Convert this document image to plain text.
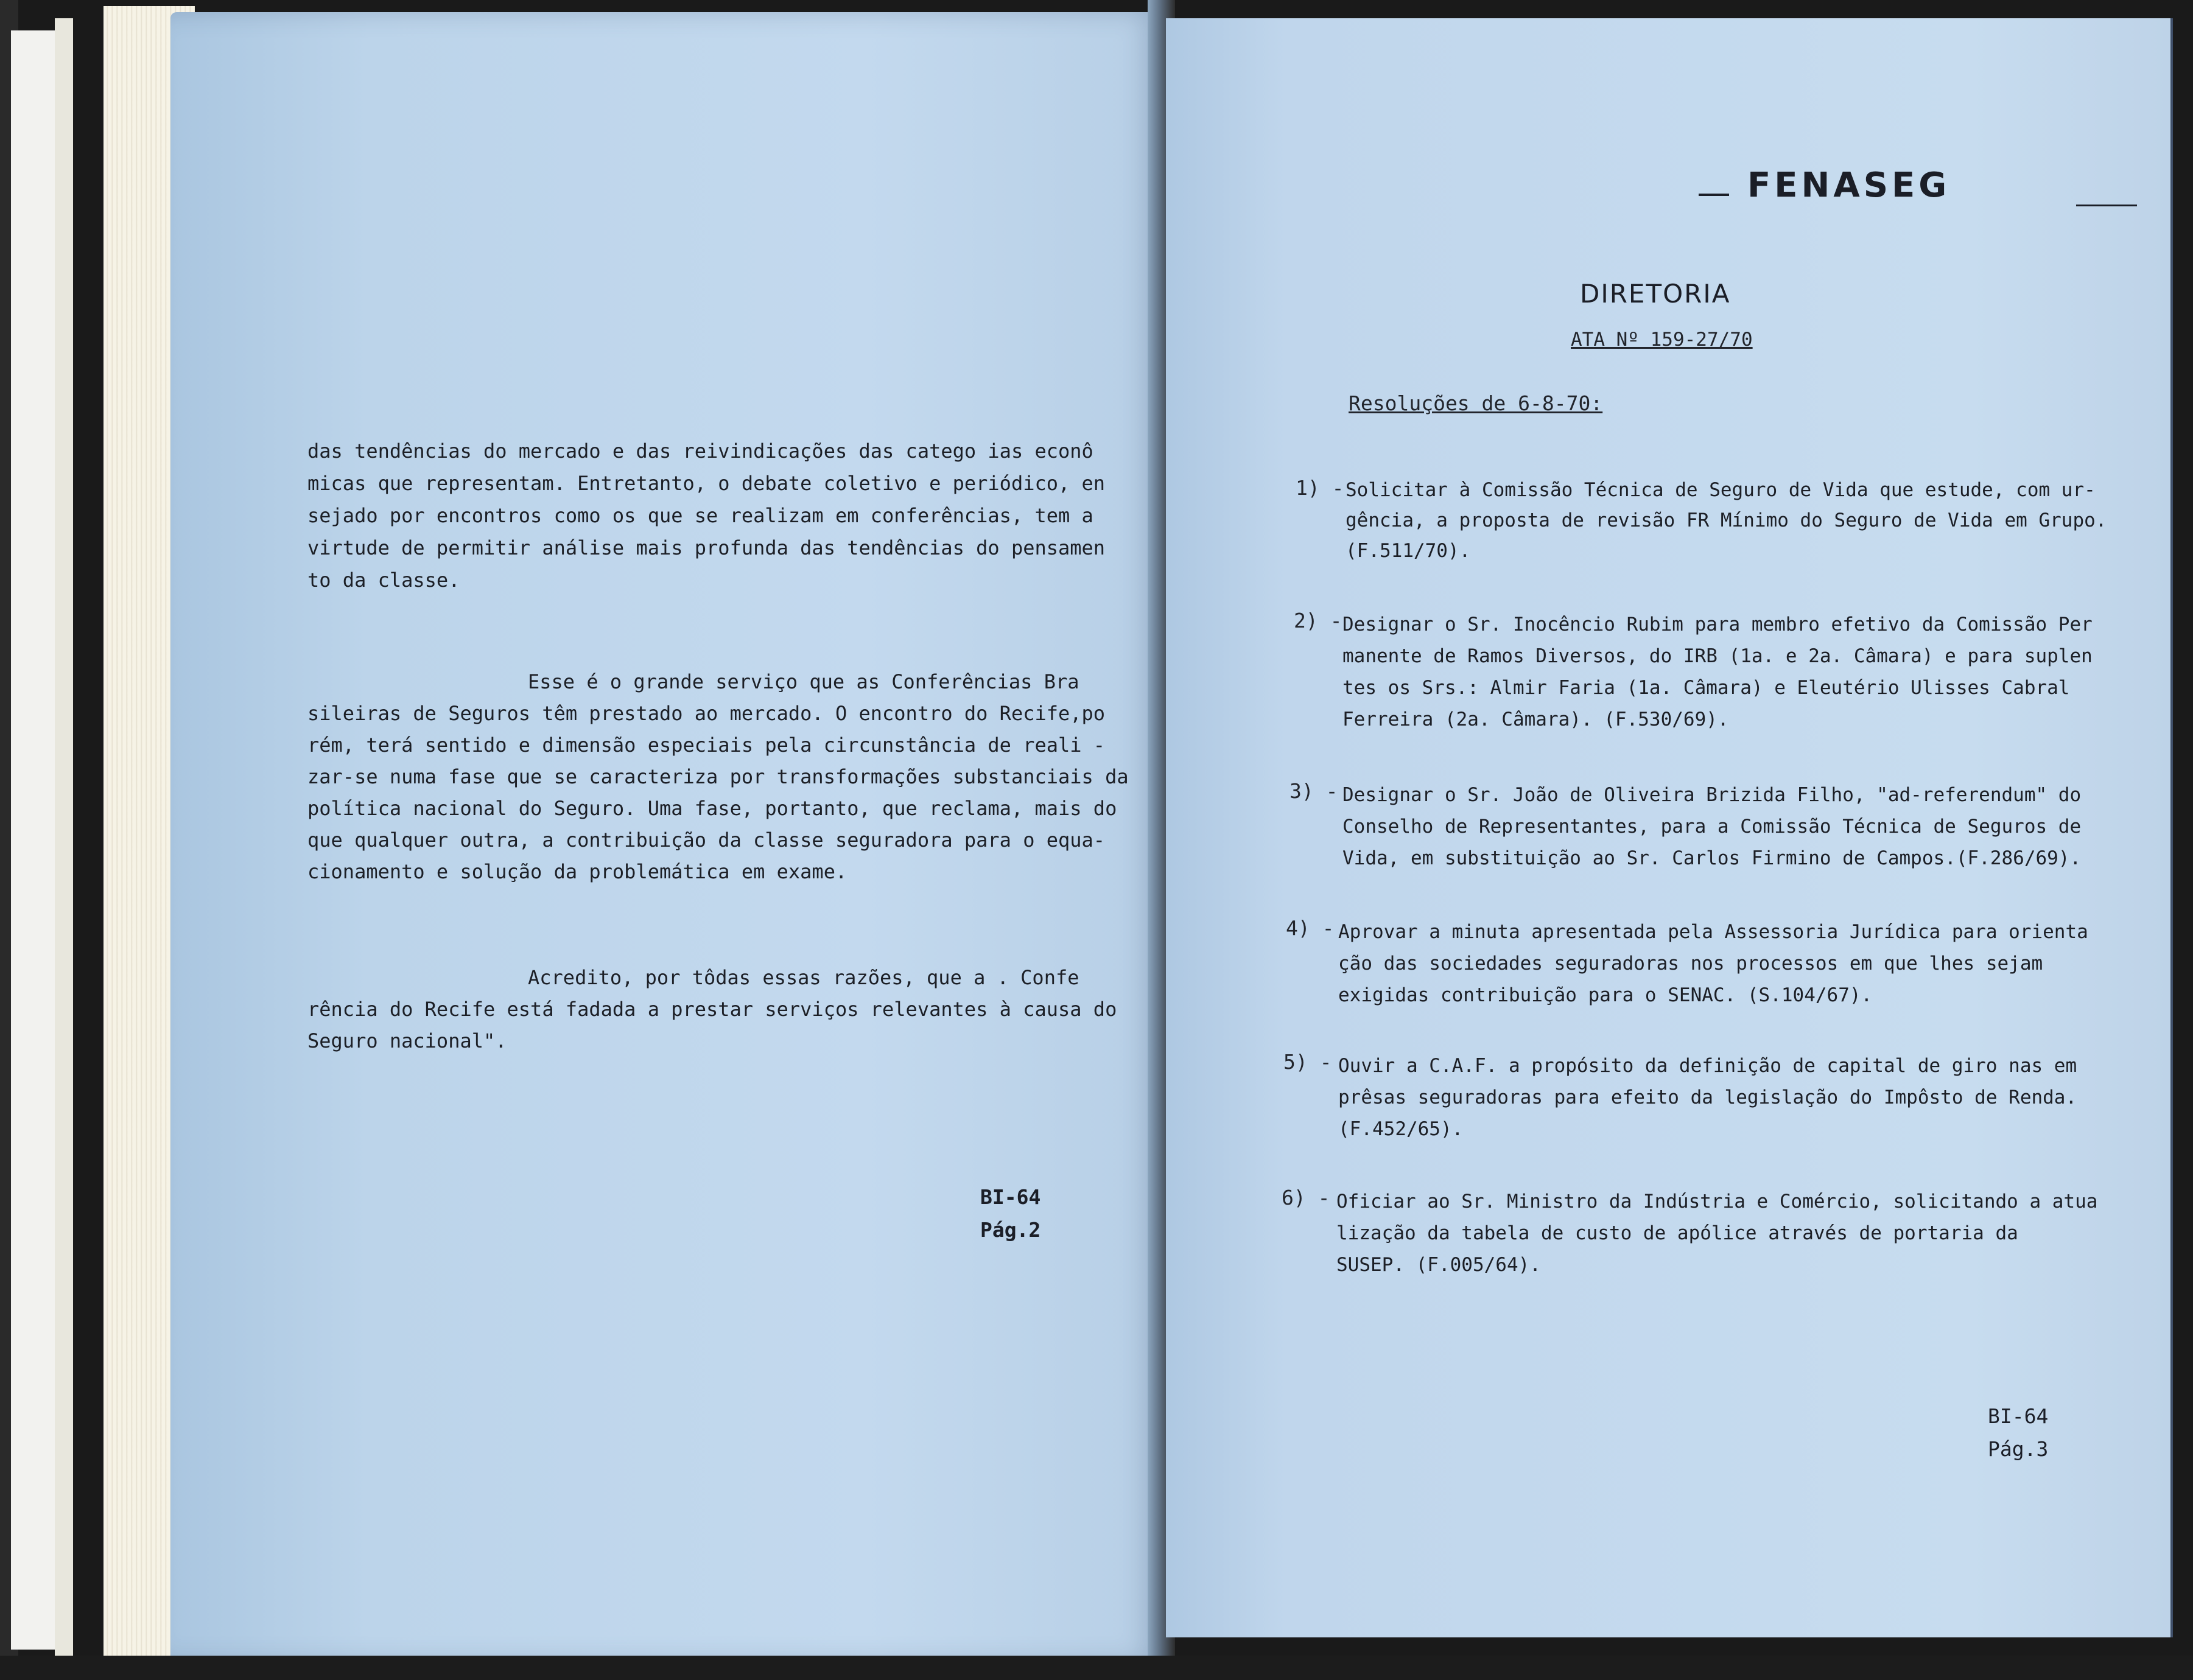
das tendências do mercado e das reivindicações das catego ias econô
micas que representam. Entretanto, o debate coletivo e periódico, en
sejado por encontros como os que se realizam em conferências, tem a
virtude de permitir análise mais profunda das tendências do pensamen
to da classe.
Esse é o grande serviço que as Conferências Bra
sileiras de Seguros têm prestado ao mercado. O encontro do Recife,po
rém, terá sentido e dimensão especiais pela circunstância de reali -
zar-se numa fase que se caracteriza por transformações substanciais da
política nacional do Seguro. Uma fase, portanto, que reclama, mais do
que qualquer outra, a contribuição da classe seguradora para o equa-
cionamento e solução da problemática em exame.
Acredito, por tôdas essas razões, que a . Confe
rência do Recife está fadada a prestar serviços relevantes à causa do
Seguro nacional".
BI-64
Pág.2
FENASEG
DIRETORIA
ATA Nº 159-27/70
Resoluções de 6-8-70:
1) - Solicitar à Comissão Técnica de Seguro de Vida que estude, com ur-
gência, a proposta de revisão FR Mínimo do Seguro de Vida em Grupo.
(F.511/70).
2) - Designar o Sr. Inocêncio Rubim para membro efetivo da Comissão Per
manente de Ramos Diversos, do IRB (1a. e 2a. Câmara) e para suplen
tes os Srs.: Almir Faria (1a. Câmara) e Eleutério Ulisses Cabral
Ferreira (2a. Câmara). (F.530/69).
3) - Designar o Sr. João de Oliveira Brizida Filho, "ad-referendum" do
Conselho de Representantes, para a Comissão Técnica de Seguros de
Vida, em substituição ao Sr. Carlos Firmino de Campos.(F.286/69).
4) - Aprovar a minuta apresentada pela Assessoria Jurídica para orienta
ção das sociedades seguradoras nos processos em que lhes sejam
exigidas contribuição para o SENAC. (S.104/67).
5) - Ouvir a C.A.F. a propósito da definição de capital de giro nas em
prêsas seguradoras para efeito da legislação do Impôsto de Renda.
(F.452/65).
6) - Oficiar ao Sr. Ministro da Indústria e Comércio, solicitando a atua
lização da tabela de custo de apólice através de portaria da
SUSEP. (F.005/64).
BI-64
Pág.3
